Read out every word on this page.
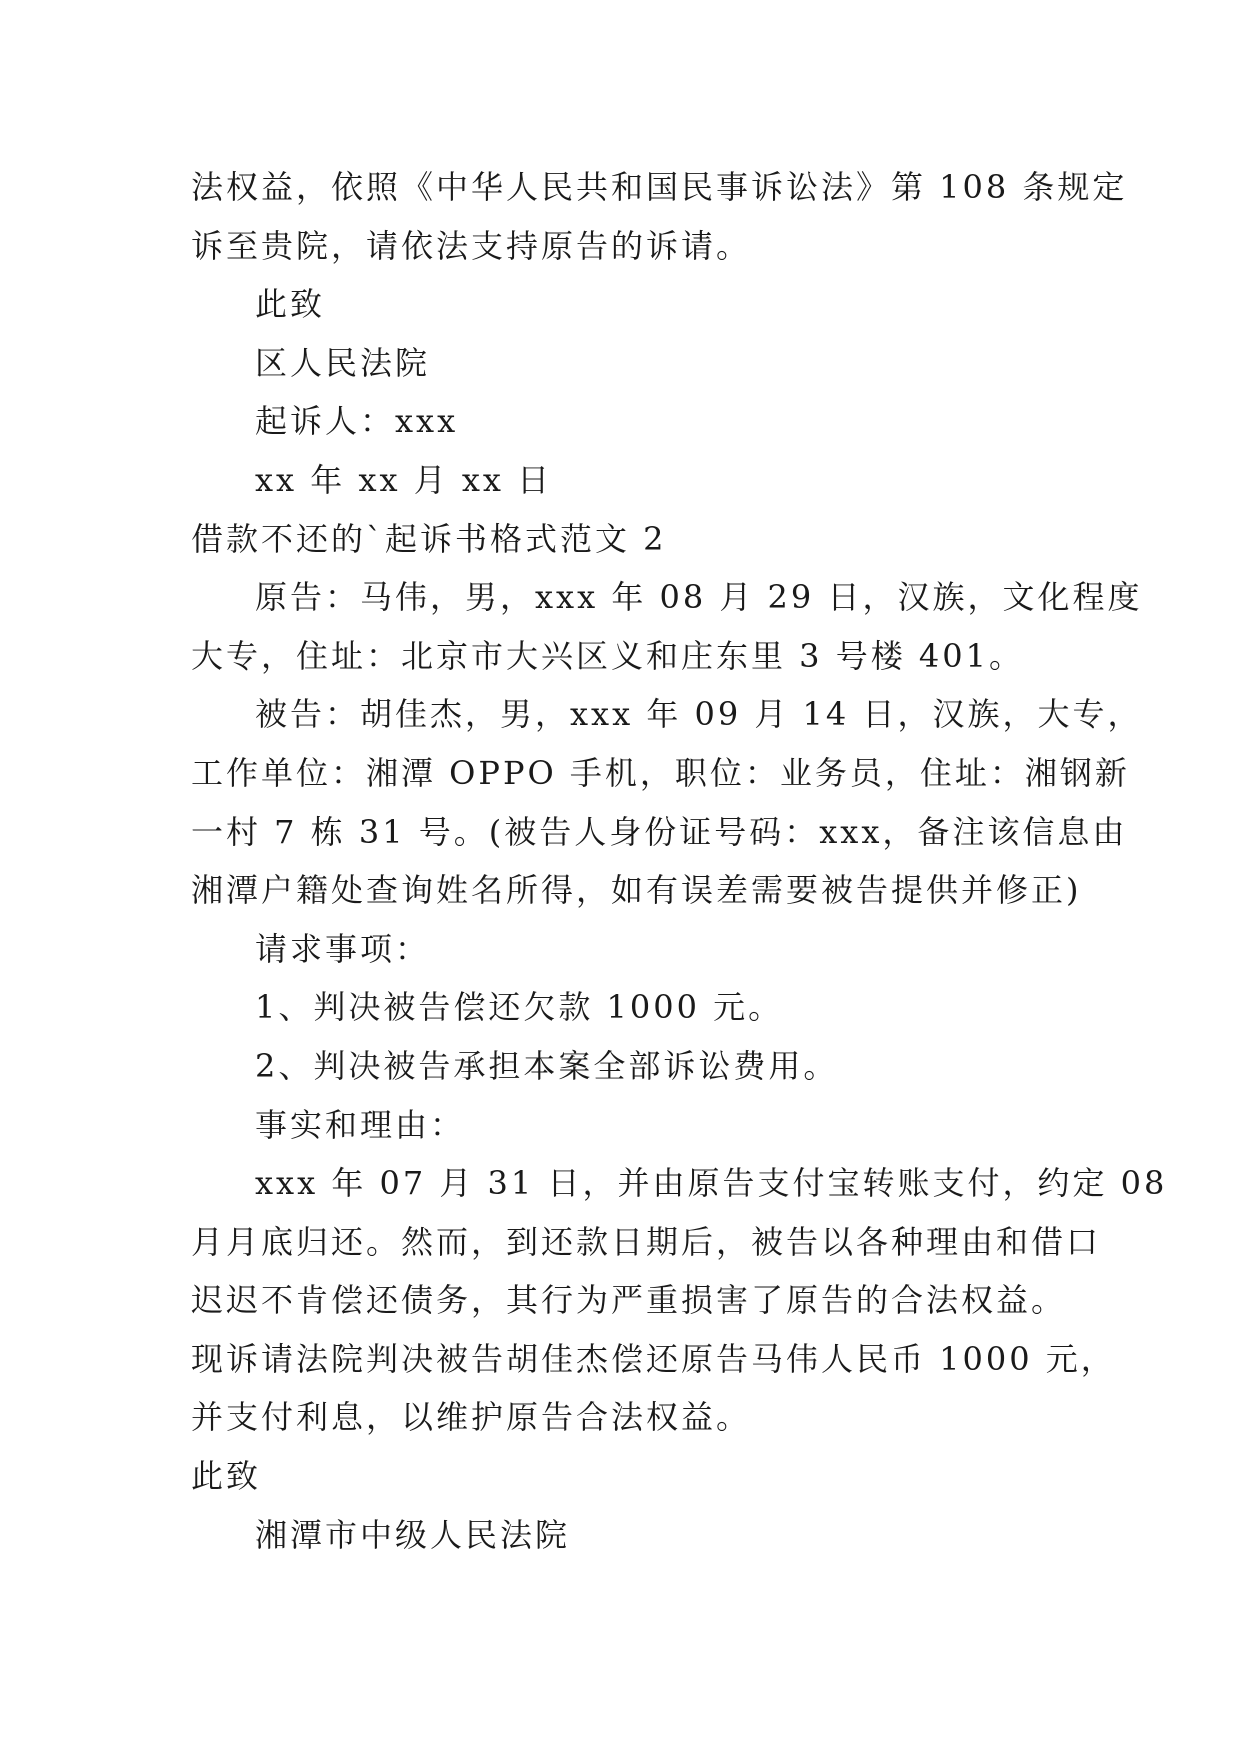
法权益，依照《中华人民共和国民事诉讼法》第 108 条规定
诉至贵院，请依法支持原告的诉请。
此致
区人民法院
起诉人：xxx
xx 年 xx 月 xx 日
借款不还的`起诉书格式范文 2
原告：马伟，男，xxx 年 08 月 29 日，汉族，文化程度
大专，住址：北京市大兴区义和庄东里 3 号楼 401。
被告：胡佳杰，男，xxx 年 09 月 14 日，汉族，大专，
工作单位：湘潭 OPPO 手机，职位：业务员，住址：湘钢新
一村 7 栋 31 号。(被告人身份证号码：xxx，备注该信息由
湘潭户籍处查询姓名所得，如有误差需要被告提供并修正)
请求事项：
1、判决被告偿还欠款 1000 元。
2、判决被告承担本案全部诉讼费用。
事实和理由：
xxx 年 07 月 31 日，并由原告支付宝转账支付，约定 08
月月底归还。然而，到还款日期后，被告以各种理由和借口
迟迟不肯偿还债务，其行为严重损害了原告的合法权益。
现诉请法院判决被告胡佳杰偿还原告马伟人民币 1000 元，
并支付利息，以维护原告合法权益。
此致
湘潭市中级人民法院
